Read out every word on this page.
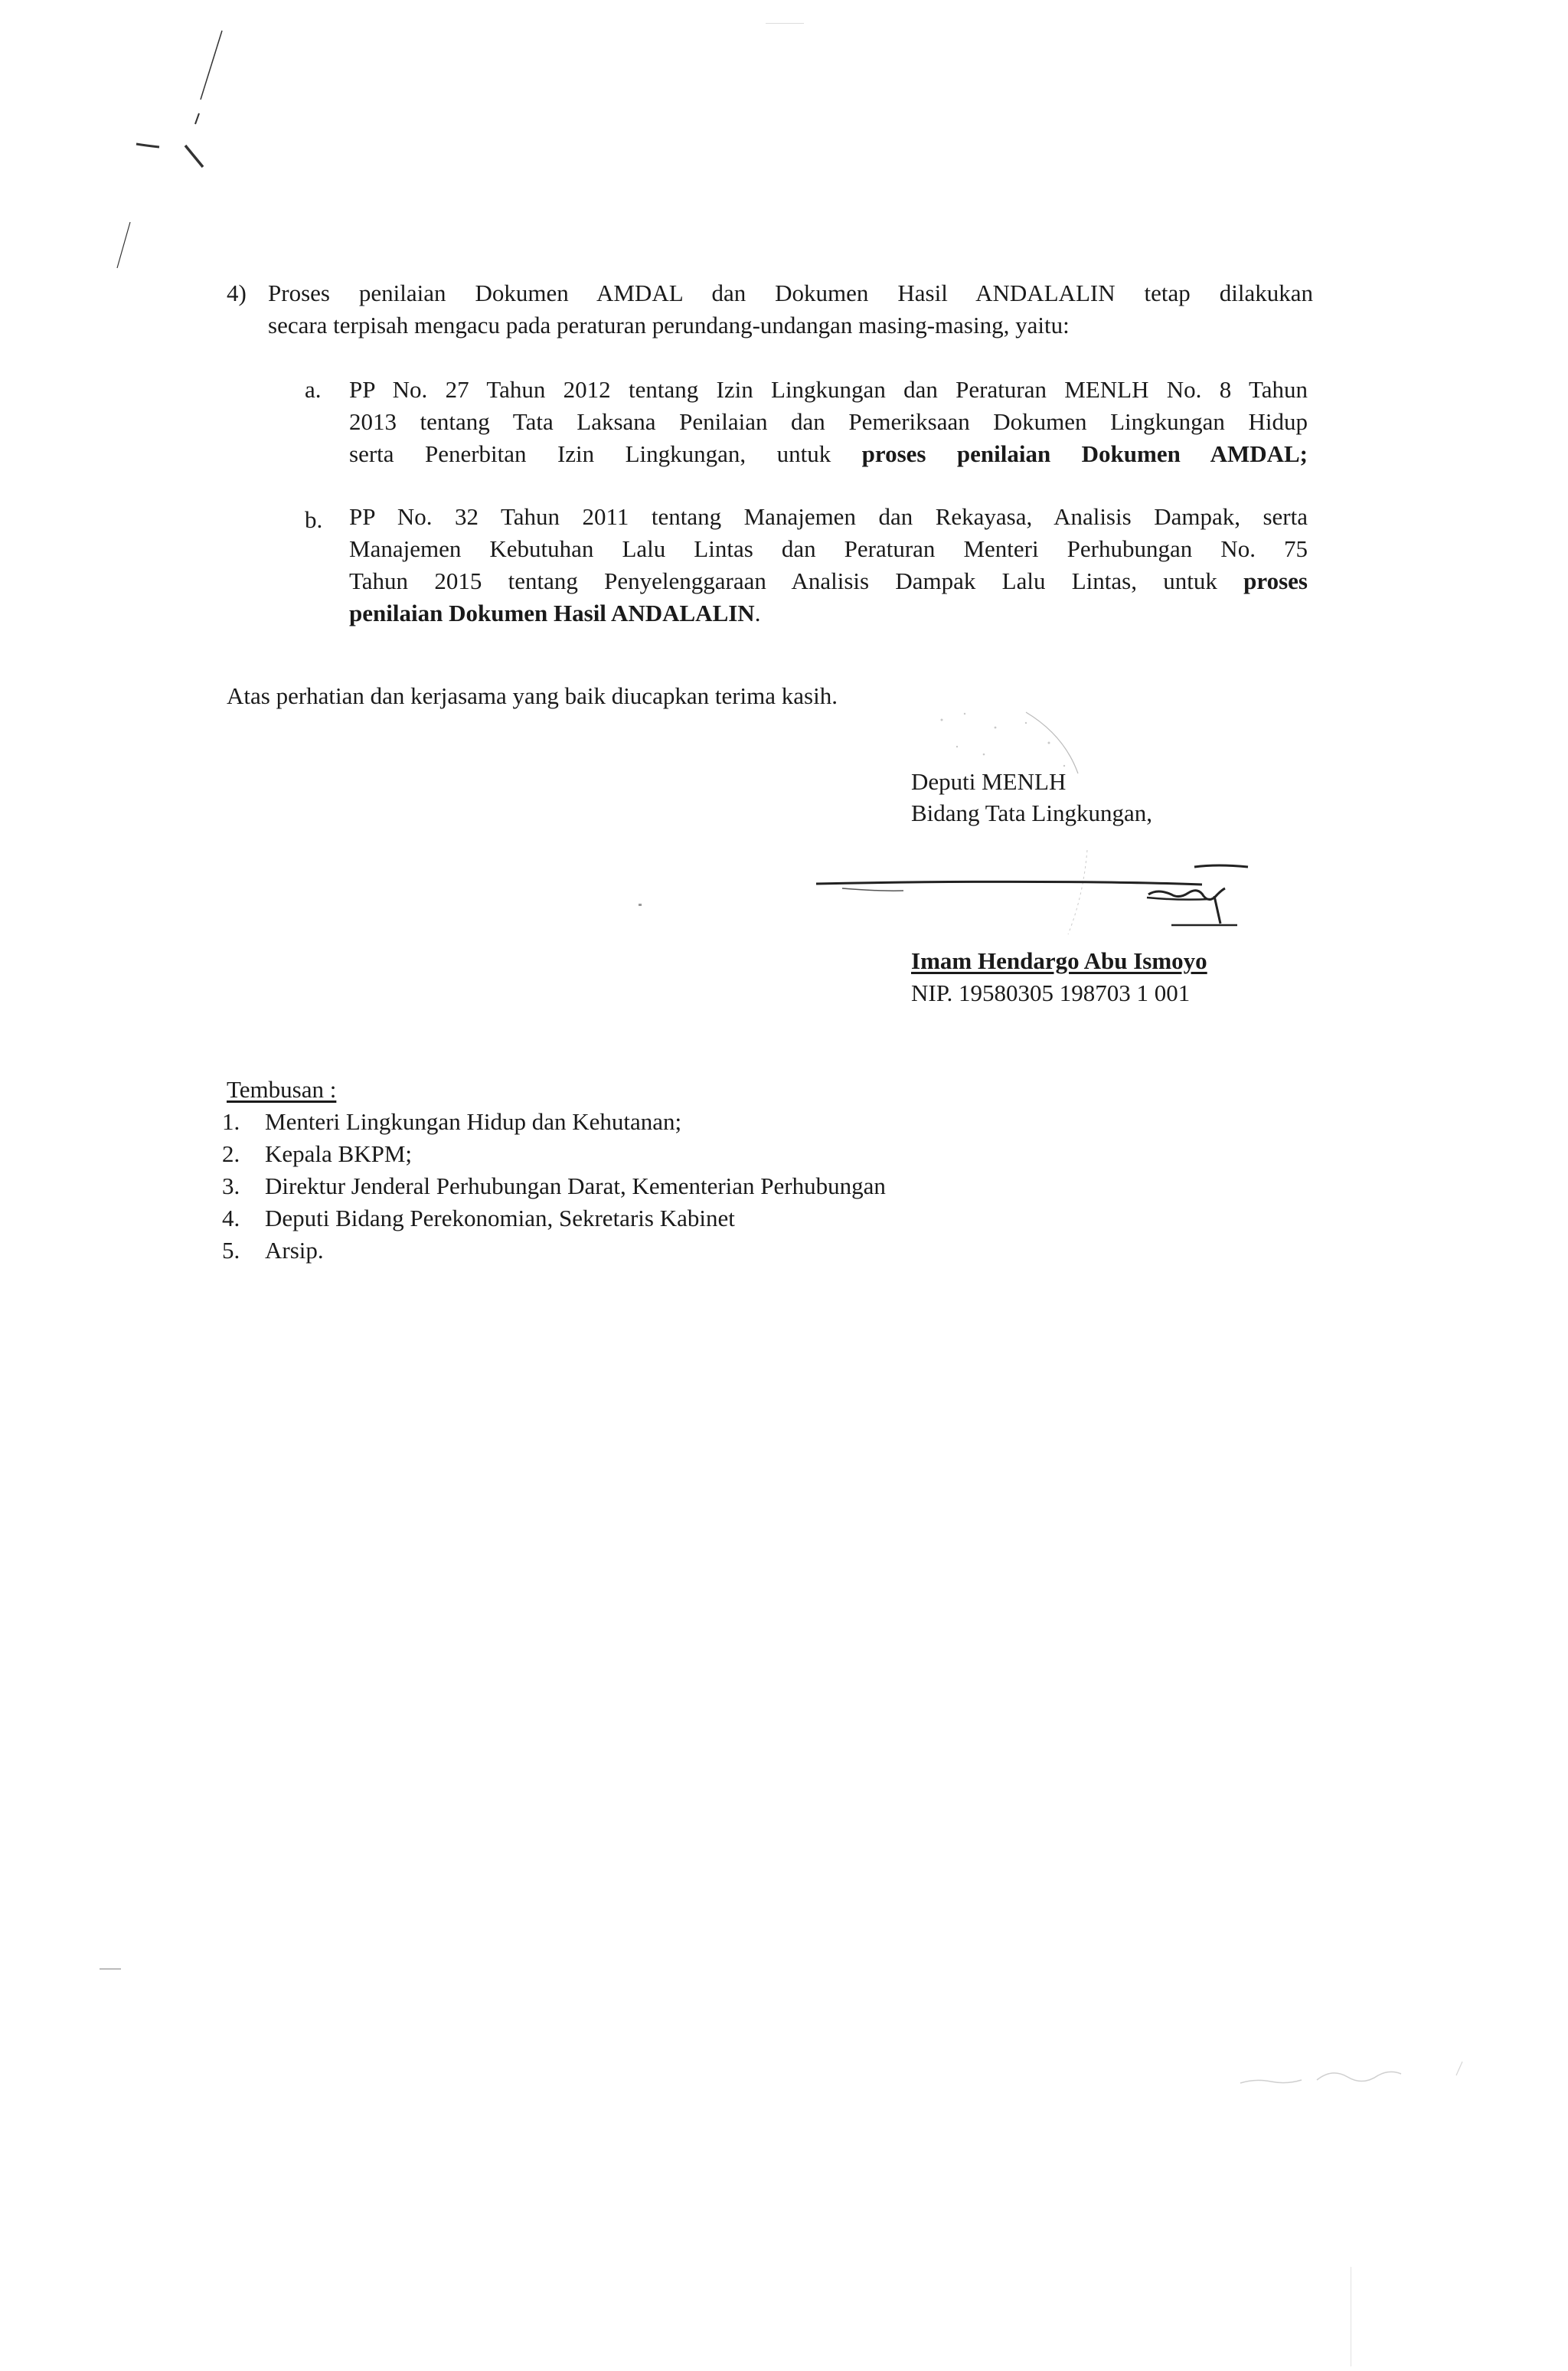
4) Proses penilaian Dokumen AMDAL dan Dokumen Hasil ANDALALIN tetap dilakukan
secara terpisah mengacu pada peraturan perundang-undangan masing-masing, yaitu:
a. PP No. 27 Tahun 2012 tentang Izin Lingkungan dan Peraturan MENLH No. 8 Tahun
2013 tentang Tata Laksana Penilaian dan Pemeriksaan Dokumen Lingkungan Hidup
serta Penerbitan Izin Lingkungan, untuk proses penilaian Dokumen AMDAL;
b. PP No. 32 Tahun 2011 tentang Manajemen dan Rekayasa, Analisis Dampak, serta
Manajemen Kebutuhan Lalu Lintas dan Peraturan Menteri Perhubungan No. 75
Tahun 2015 tentang Penyelenggaraan Analisis Dampak Lalu Lintas, untuk proses
penilaian Dokumen Hasil ANDALALIN.
Atas perhatian dan kerjasama yang baik diucapkan terima kasih.
Deputi MENLH
Bidang Tata Lingkungan,
Imam Hendargo Abu Ismoyo
NIP. 19580305 198703 1 001
Tembusan :
1. Menteri Lingkungan Hidup dan Kehutanan;
2. Kepala BKPM;
3. Direktur Jenderal Perhubungan Darat, Kementerian Perhubungan
4. Deputi Bidang Perekonomian, Sekretaris Kabinet
5. Arsip.
